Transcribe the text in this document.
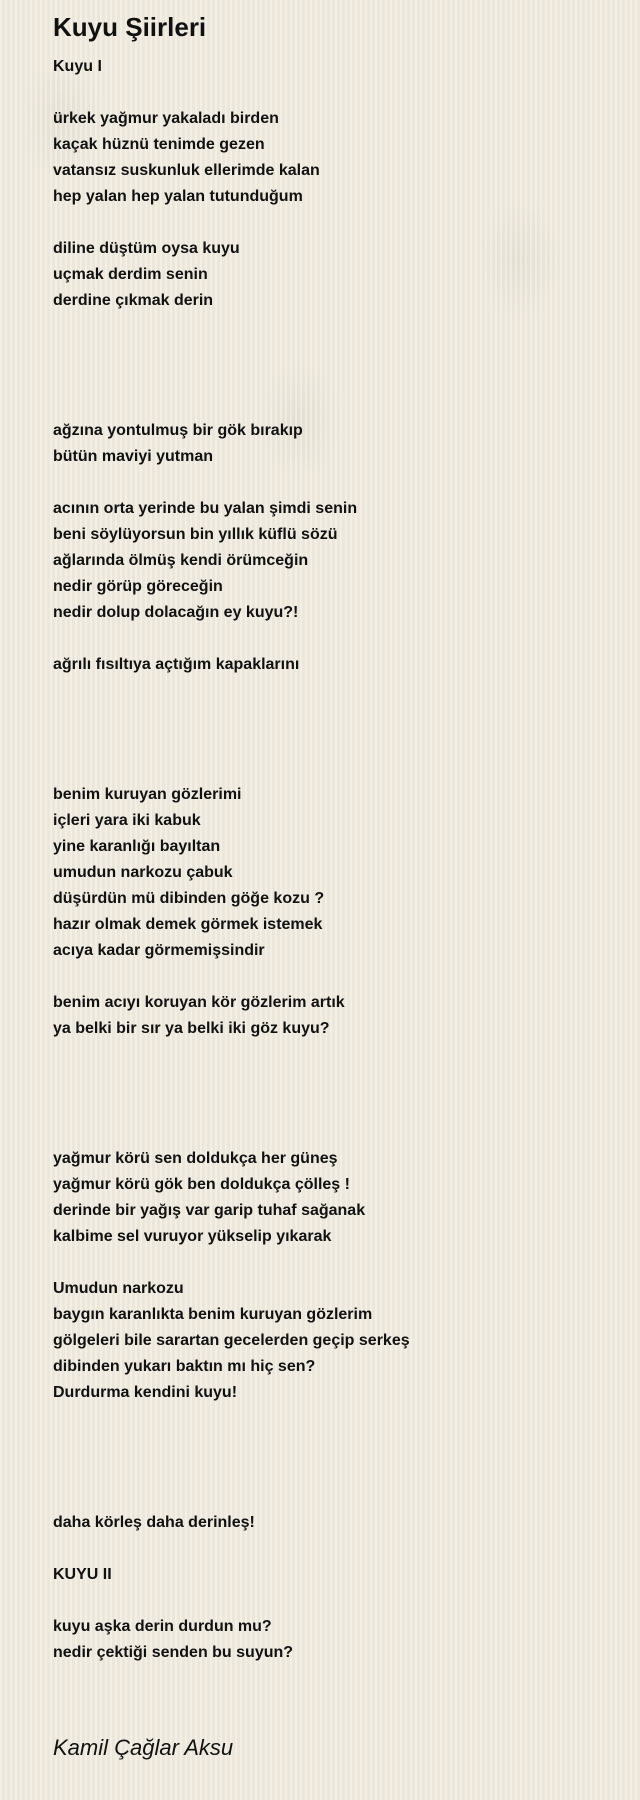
Kuyu Şiirleri
Kuyu I
ürkek yağmur yakaladı birden
kaçak hüznü tenimde gezen
vatansız suskunluk ellerimde kalan
hep yalan hep yalan tutunduğum
diline düştüm oysa kuyu
uçmak derdim senin
derdine çıkmak derin
ağzına yontulmuş bir gök bırakıp
bütün maviyi yutman
acının orta yerinde bu yalan şimdi senin
beni söylüyorsun bin yıllık küflü sözü
ağlarında ölmüş kendi örümceğin
nedir görüp göreceğin
nedir dolup dolacağın ey kuyu?!
ağrılı fısıltıya açtığım kapaklarını
benim kuruyan gözlerimi
içleri yara iki kabuk
yine karanlığı bayıltan
umudun narkozu çabuk
düşürdün mü dibinden göğe kozu ?
hazır olmak demek görmek istemek
acıya kadar görmemişsindir
benim acıyı koruyan kör gözlerim artık
ya belki bir sır ya belki iki göz kuyu?
yağmur körü sen doldukça her güneş
yağmur körü gök ben doldukça çölleş !
derinde bir yağış var garip tuhaf sağanak
kalbime sel vuruyor yükselip yıkarak
Umudun narkozu
baygın karanlıkta benim kuruyan gözlerim
gölgeleri bile sarartan gecelerden geçip serkeş
dibinden yukarı baktın mı hiç sen?
Durdurma kendini kuyu!
daha körleş daha derinleş!
KUYU II
kuyu aşka derin durdun mu?
nedir çektiği senden bu suyun?
Kamil Çağlar Aksu
